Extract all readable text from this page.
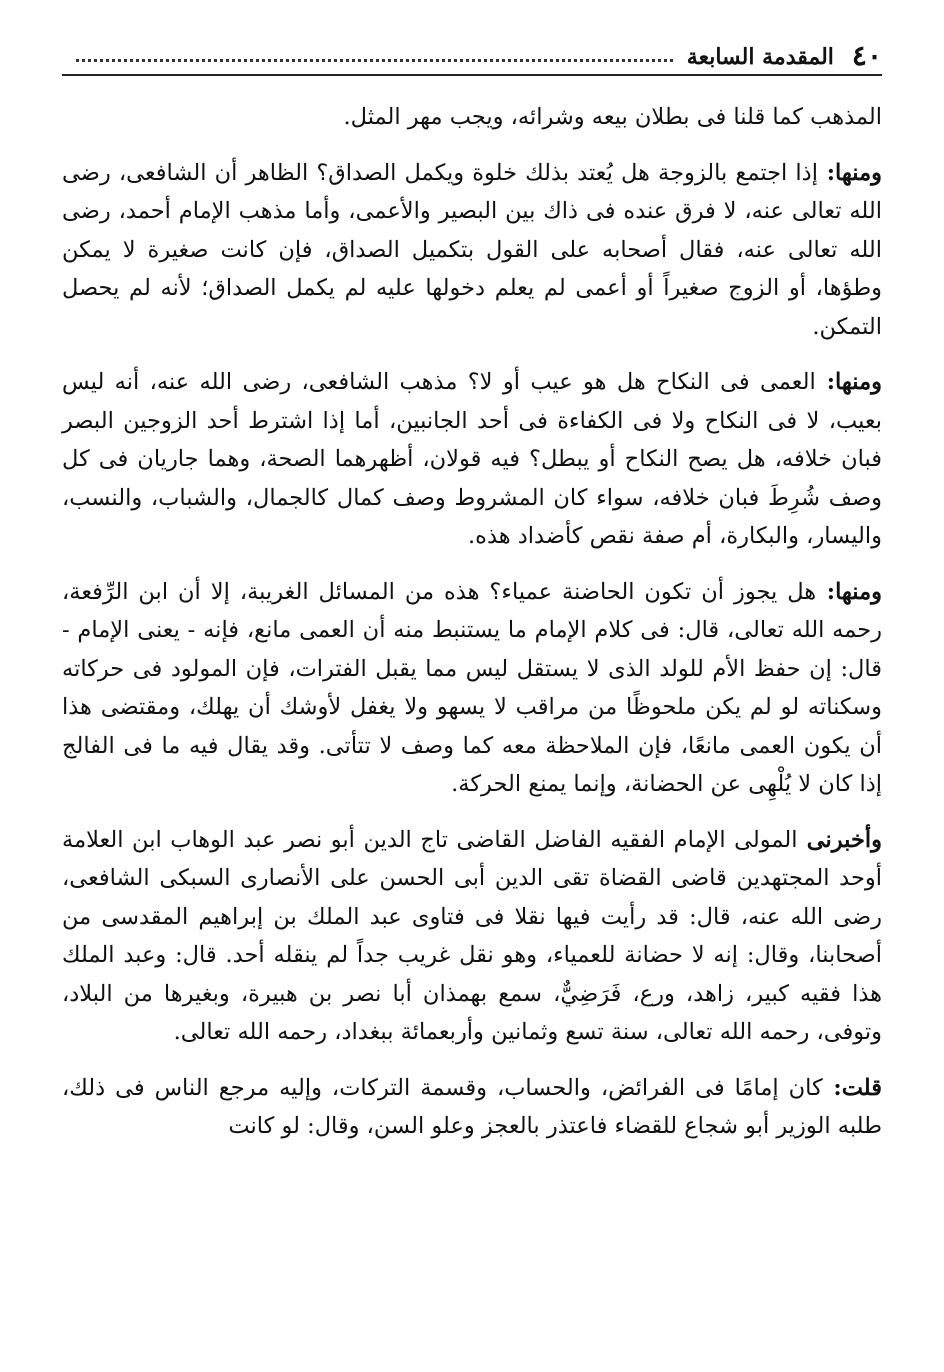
٤٠
المقدمة السابعة

المذهب كما قلنا فى بطلان بيعه وشرائه، ويجب مهر المثل.

ومنها: إذا اجتمع بالزوجة هل يُعتد بذلك خلوة ويكمل الصداق؟ الظاهر أن الشافعى، رضى الله تعالى عنه، لا فرق عنده فى ذاك بين البصير والأعمى، وأما مذهب الإمام أحمد، رضى الله تعالى عنه، فقال أصحابه على القول بتكميل الصداق، فإن كانت صغيرة لا يمكن وطؤها، أو الزوج صغيراً أو أعمى لم يعلم دخولها عليه لم يكمل الصداق؛ لأنه لم يحصل التمكن.

ومنها: العمى فى النكاح هل هو عيب أو لا؟ مذهب الشافعى، رضى الله عنه، أنه ليس بعيب، لا فى النكاح ولا فى الكفاءة فى أحد الجانبين، أما إذا اشترط أحد الزوجين البصر فبان خلافه، هل يصح النكاح أو يبطل؟ فيه قولان، أظهرهما الصحة، وهما جاريان فى كل وصف شُرِطَ فبان خلافه، سواء كان المشروط وصف كمال كالجمال، والشباب، والنسب، واليسار، والبكارة، أم صفة نقص كأضداد هذه.

ومنها: هل يجوز أن تكون الحاضنة عمياء؟ هذه من المسائل الغريبة، إلا أن ابن الرِّفعة، رحمه الله تعالى، قال: فى كلام الإمام ما يستنبط منه أن العمى مانع، فإنه - يعنى الإمام - قال: إن حفظ الأم للولد الذى لا يستقل ليس مما يقبل الفترات، فإن المولود فى حركاته وسكناته لو لم يكن ملحوظًا من مراقب لا يسهو ولا يغفل لأوشك أن يهلك، ومقتضى هذا أن يكون العمى مانعًا، فإن الملاحظة معه كما وصف لا تتأتى. وقد يقال فيه ما فى الفالج إذا كان لا يُلْهِى عن الحضانة، وإنما يمنع الحركة.

وأخبرنى المولى الإمام الفقيه الفاضل القاضى تاج الدين أبو نصر عبد الوهاب ابن العلامة أوحد المجتهدين قاضى القضاة تقى الدين أبى الحسن على الأنصارى السبكى الشافعى، رضى الله عنه، قال: قد رأيت فيها نقلا فى فتاوى عبد الملك بن إبراهيم المقدسى من أصحابنا، وقال: إنه لا حضانة للعمياء، وهو نقل غريب جداً لم ينقله أحد. قال: وعبد الملك هذا فقيه كبير، زاهد، ورع، فَرَضِيٌّ، سمع بهمذان أبا نصر بن هبيرة، وبغيرها من البلاد، وتوفى، رحمه الله تعالى، سنة تسع وثمانين وأربعمائة ببغداد، رحمه الله تعالى.

قلت: كان إمامًا فى الفرائض، والحساب، وقسمة التركات، وإليه مرجع الناس فى ذلك، طلبه الوزير أبو شجاع للقضاء فاعتذر بالعجز وعلو السن، وقال: لو كانت
